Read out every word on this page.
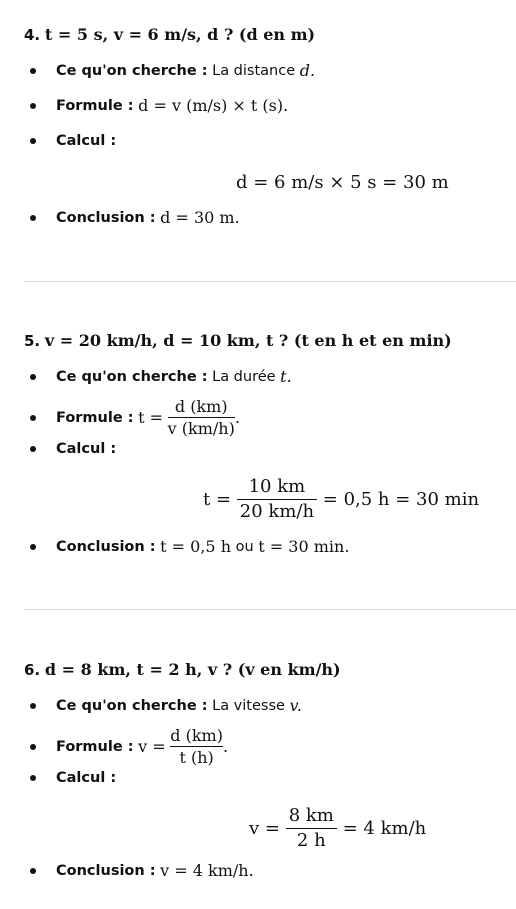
4. t = 5 s, v = 6 m/s, d ? (d en m)
Ce qu'on cherche :
La distance
d.
Formule :
d = v (m/s) × t (s).
Calcul :
d = 6 m/s × 5 s = 30 m
Conclusion :
d = 30 m.
5. v = 20 km/h, d = 10 km, t ? (t en h et en min)
Ce qu'on cherche :
La durée
t.
Formule :
t =

d (km)
v (km/h)
.
Calcul :
t =
$\frac{10 km}{20 km/h}$
= 0,5 h = 30 min
Conclusion :
t = 0,5 h
ou
t = 30 min.
6. d = 8 km, t = 2 h, v ? (v en km/h)
Ce qu'on cherche :
La vitesse
v.
Formule :
v =

d (km)
t (h)
.
Calcul :
v =
$\frac{8 km}{2 h}$
= 4 km/h
Conclusion :
v = 4 km/h.
